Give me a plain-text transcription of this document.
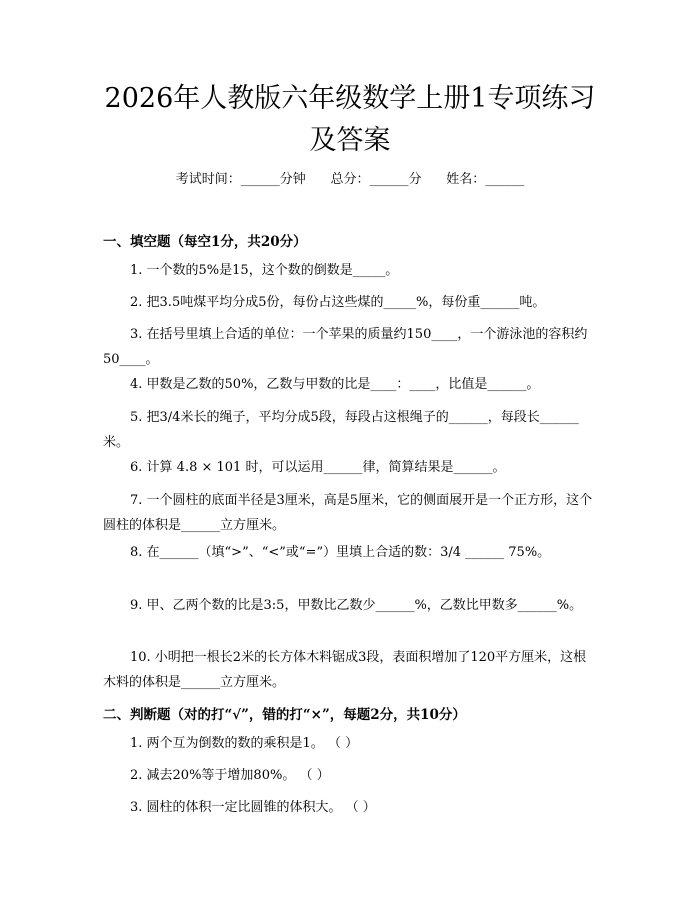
2026年人教版六年级数学上册1专项练习及答案
考试时间：______分钟      总分：______分      姓名：______
一、填空题（每空1分，共20分）

1. 一个数的5%是15，这个数的倒数是_____。

2. 把3.5吨煤平均分成5份，每份占这些煤的_____%，每份重______吨。

3. 在括号里填上合适的单位：一个苹果的质量约150____，一个游泳池的容积约50____。

4. 甲数是乙数的50%，乙数与甲数的比是____：____，比值是______。

5. 把3/4米长的绳子，平均分成5段，每段占这根绳子的______，每段长______米。

6. 计算 4.8 × 101 时，可以运用______律，简算结果是______。

7. 一个圆柱的底面半径是3厘米，高是5厘米，它的侧面展开是一个正方形，这个圆柱的体积是______立方厘米。

8. 在______（填“>”、“<”或“=”）里填上合适的数：3/4 ______ 75%。

9. 甲、乙两个数的比是3:5，甲数比乙数少______%，乙数比甲数多______%。

10. 小明把一根长2米的长方体木料锯成3段，表面积增加了120平方厘米，这根木料的体积是______立方厘米。

二、判断题（对的打“√”，错的打“×”，每题2分，共10分）

1. 两个互为倒数的数的乘积是1。 （ ）

2. 减去20%等于增加80%。 （ ）

3. 圆柱的体积一定比圆锥的体积大。 （ ）
